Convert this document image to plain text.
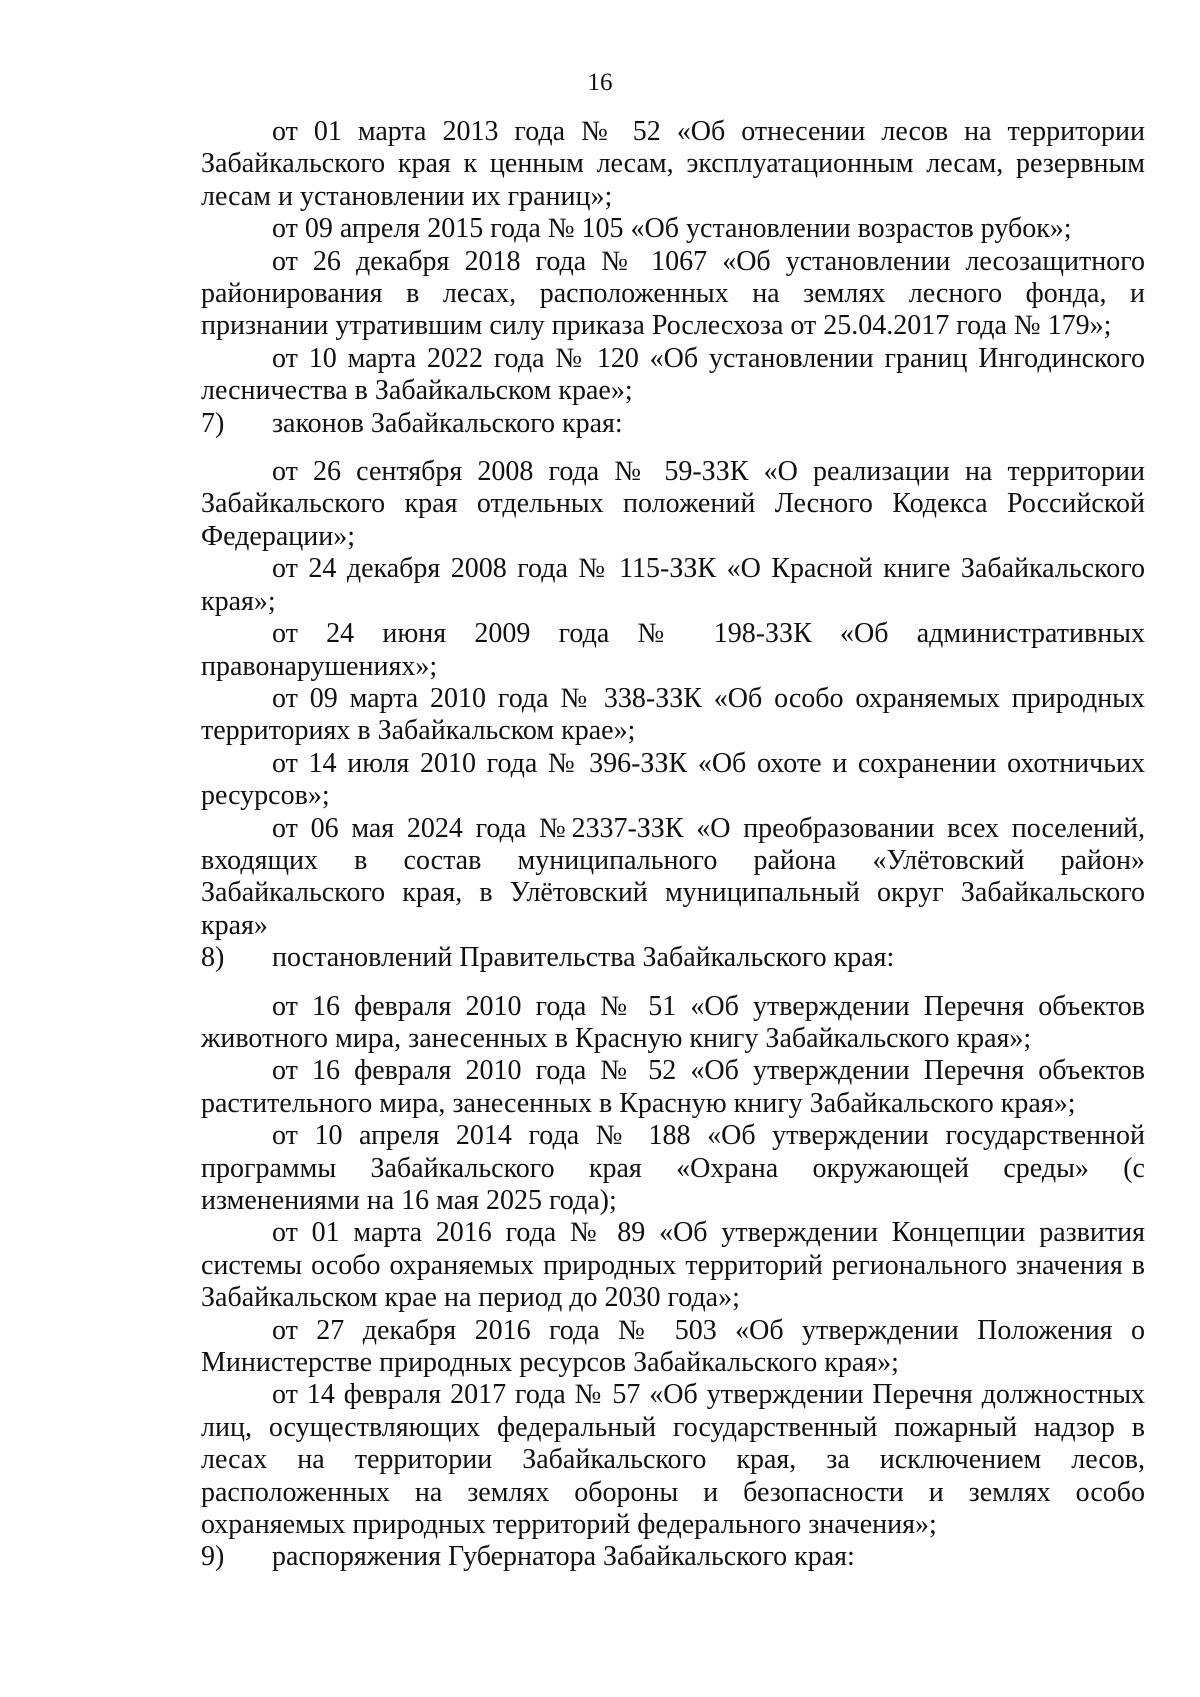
16

от 01 марта 2013 года № 52 «Об отнесении лесов на территории Забайкальского края к ценным лесам, эксплуатационным лесам, резервным лесам и установлении их границ»;

от 09 апреля 2015 года № 105 «Об установлении возрастов рубок»;

от 26 декабря 2018 года № 1067 «Об установлении лесозащитного районирования в лесах, расположенных на землях лесного фонда, и признании утратившим силу приказа Рослесхоза от 25.04.2017 года № 179»;

от 10 марта 2022 года № 120 «Об установлении границ Ингодинского лесничества в Забайкальском крае»;

7)	законов Забайкальского края:

от 26 сентября 2008 года № 59-ЗЗК «О реализации на территории Забайкальского края отдельных положений Лесного Кодекса Российской Федерации»;

от 24 декабря 2008 года № 115-ЗЗК «О Красной книге Забайкальского края»;

от 24 июня 2009 года № 198-ЗЗК «Об административных правонарушениях»;

от 09 марта 2010 года № 338-ЗЗК «Об особо охраняемых природных территориях в Забайкальском крае»;

от 14 июля 2010 года № 396-ЗЗК «Об охоте и сохранении охотничьих ресурсов»;

от 06 мая 2024 года №2337-ЗЗК «О преобразовании всех поселений, входящих в состав муниципального района «Улётовский район» Забайкальского края, в Улётовский муниципальный округ Забайкальского края»

8)	постановлений Правительства Забайкальского края:

от 16 февраля 2010 года № 51 «Об утверждении Перечня объектов животного мира, занесенных в Красную книгу Забайкальского края»;

от 16 февраля 2010 года № 52 «Об утверждении Перечня объектов растительного мира, занесенных в Красную книгу Забайкальского края»;

от 10 апреля 2014 года № 188 «Об утверждении государственной программы Забайкальского края «Охрана окружающей среды» (с изменениями на 16 мая 2025 года);

от 01 марта 2016 года № 89 «Об утверждении Концепции развития системы особо охраняемых природных территорий регионального значения в Забайкальском крае на период до 2030 года»;

от 27 декабря 2016 года № 503 «Об утверждении Положения о Министерстве природных ресурсов Забайкальского края»;

от 14 февраля 2017 года № 57 «Об утверждении Перечня должностных лиц, осуществляющих федеральный государственный пожарный надзор в лесах на территории Забайкальского края, за исключением лесов, расположенных на землях обороны и безопасности и землях особо охраняемых природных территорий федерального значения»;

9)	распоряжения Губернатора Забайкальского края:
